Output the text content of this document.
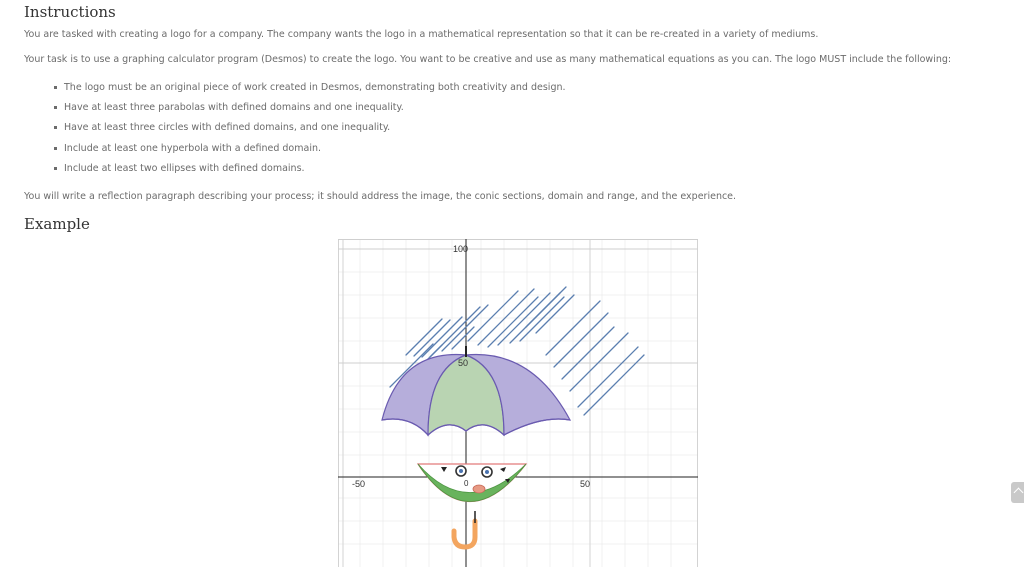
Instructions

You are tasked with creating a logo for a company. The company wants the logo in a mathematical representation so that it can be re-created in a variety of mediums.

Your task is to use a graphing calculator program (Desmos) to create the logo. You want to be creative and use as many mathematical equations as you can. The logo MUST include the following:

The logo must be an original piece of work created in Desmos, demonstrating both creativity and design.
Have at least three parabolas with defined domains and one inequality.
Have at least three circles with defined domains, and one inequality.
Include at least one hyperbola with a defined domain.
Include at least two ellipses with defined domains.

You will write a reflection paragraph describing your process; it should address the image, the conic sections, domain and range, and the experience.

Example
100
50
-50	50
0
